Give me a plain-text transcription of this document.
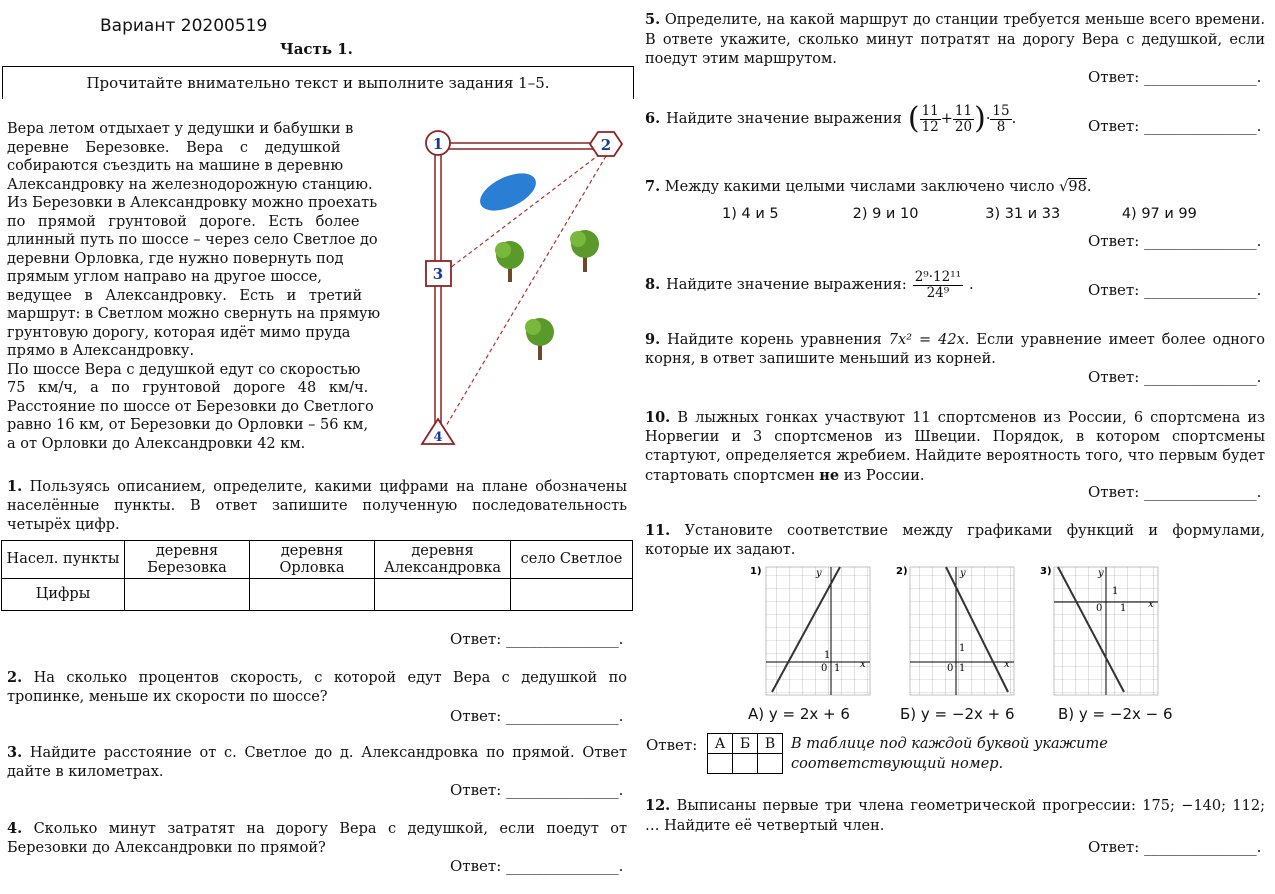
Вариант 20200519
Часть 1.
Прочитайте внимательно текст и выполните задания 1–5.
Вера летом отдыхает у дедушки и бабушки в
деревне Березовке. Вера с дедушкой
собираются съездить на машине в деревню
Александровку на железнодорожную станцию.
Из Березовки в Александровку можно проехать
по прямой грунтовой дороге. Есть более
длинный путь по шоссе – через село Светлое до
деревни Орловка, где нужно повернуть под
прямым углом направо на другое шоссе,
ведущее в Александровку. Есть и третий
маршрут: в Светлом можно свернуть на прямую
грунтовую дорогу, которая идёт мимо пруда
прямо в Александровку.
По шоссе Вера с дедушкой едут со скоростью
75 км/ч, а по грунтовой дороге 48 км/ч.
Расстояние по шоссе от Березовки до Светлого
равно 16 км, от Березовки до Орловки – 56 км,
а от Орловки до Александровки 42 км.
1	2
3
4
1. Пользуясь описанием, определите, какими цифрами на плане обозначены населённые пункты. В ответ запишите полученную последовательность четырёх цифр.
Насел. пункты	деревня Березовка	деревня Орловка	деревня Александровка	село Светлое
Цифры				
Ответ: _______________.
2. На сколько процентов скорость, с которой едут Вера с дедушкой по тропинке, меньше их скорости по шоссе?
Ответ: _______________.
3. Найдите расстояние от с. Светлое до д. Александровка по прямой. Ответ дайте в километрах.
Ответ: _______________.
4. Сколько минут затратят на дорогу Вера с дедушкой, если поедут от Березовки до Александровки по прямой?
Ответ: _______________.
5. Определите, на какой маршрут до станции требуется меньше всего времени. В ответе укажите, сколько минут потратят на дорогу Вера с дедушкой, если поедут этим маршрутом.
Ответ: _______________.
6. Найдите значение выражения ( $\frac{11}{12} + \frac{11}{20}$ ) · $\frac{15}{8}$ .	Ответ: _______________.
7. Между какими целыми числами заключено число √98.
1) 4 и 5	2) 9 и 10	3) 31 и 33	4) 97 и 99
Ответ: _______________.
8. Найдите значение выражения: $\frac{\text{2⁹·12¹¹}}{\text{24⁹}}$ .	Ответ: _______________.
9. Найдите корень уравнения 7x² = 42x. Если уравнение имеет более одного корня, в ответ запишите меньший из корней.
Ответ: _______________.
10. В лыжных гонках участвуют 11 спортсменов из России, 6 спортсмена из Норвегии и 3 спортсменов из Швеции. Порядок, в котором спортсмены стартуют, определяется жребием. Найдите вероятность того, что первым будет стартовать спортсмен не из России.
Ответ: _______________.
11. Установите соответствие между графиками функций и формулами, которые их задают.
1)
x
y
0 1
1
2)
x
y
0 1
1
3)
x
y
0 1
1
А) y = 2x + 6	Б) y = −2x + 6	В) y = −2x − 6
Ответ: А	Б	В
		В таблице под каждой буквой укажите соответствующий номер.
12. Выписаны первые три члена геометрической прогрессии: 175; −140; 112; … Найдите её четвертый член.
Ответ: _______________.
